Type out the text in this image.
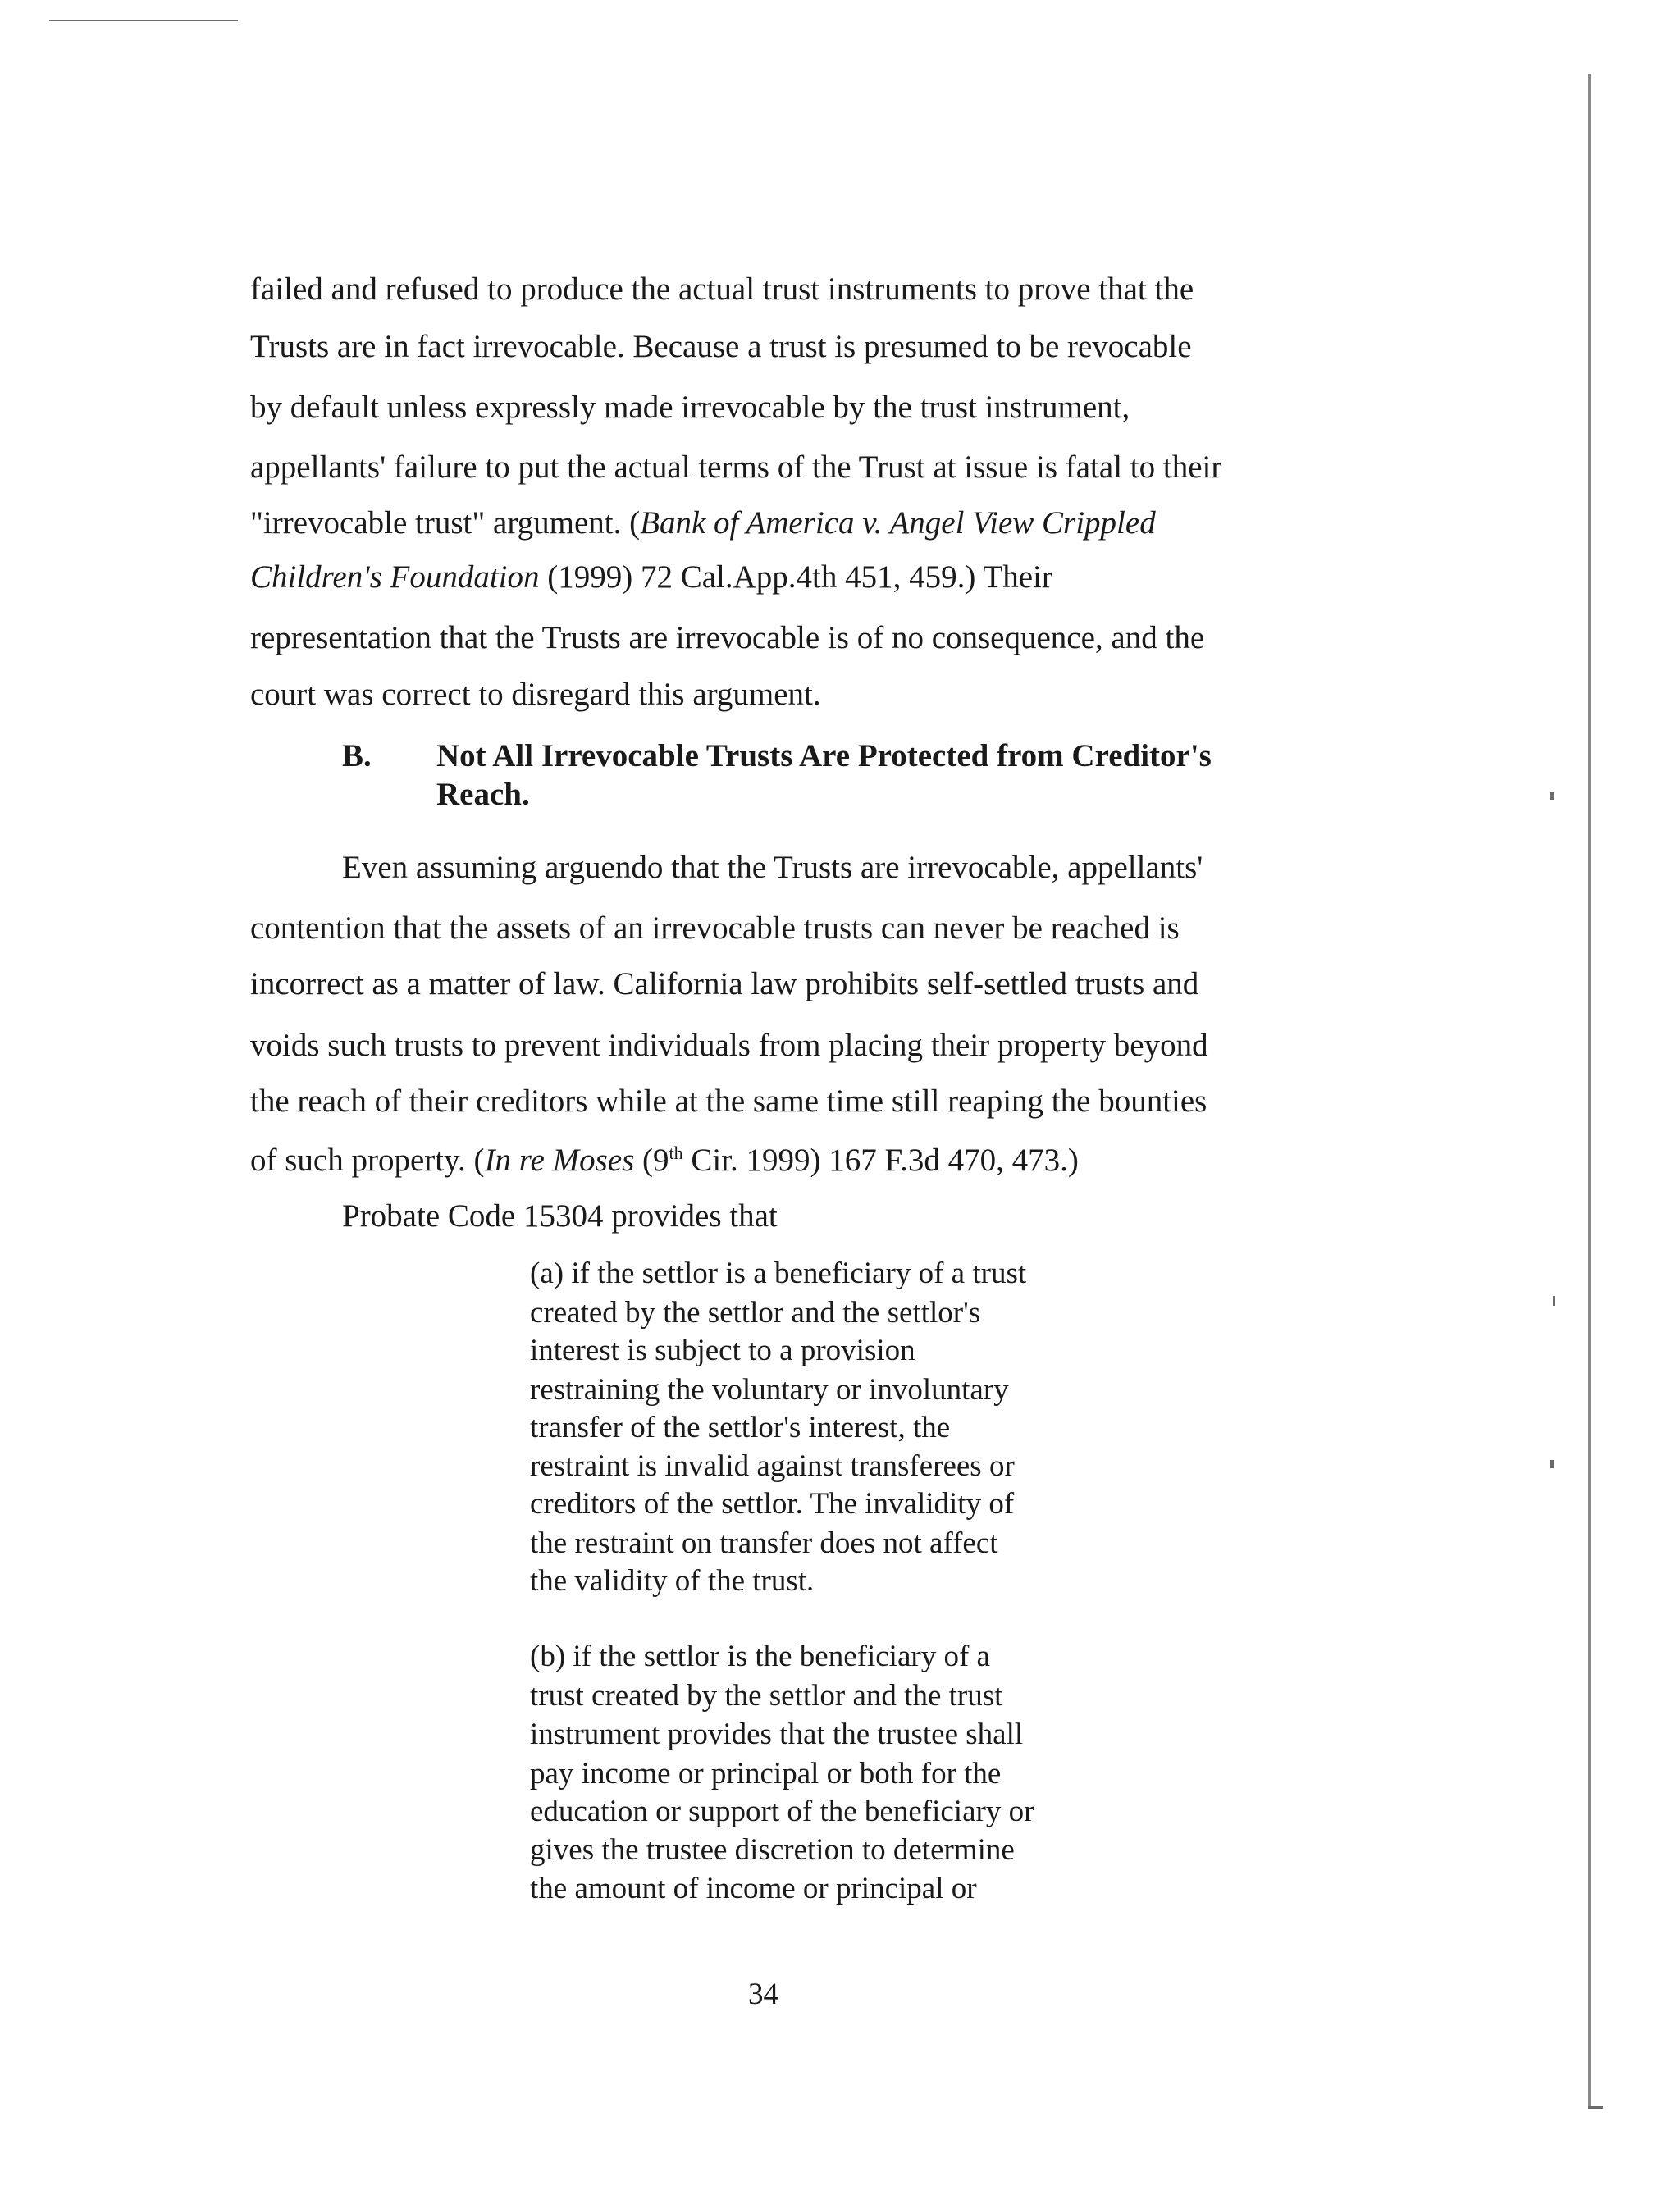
failed and refused to produce the actual trust instruments to prove that the
Trusts are in fact irrevocable. Because a trust is presumed to be revocable
by default unless expressly made irrevocable by the trust instrument,
appellants' failure to put the actual terms of the Trust at issue is fatal to their
"irrevocable trust" argument. (Bank of America v. Angel View Crippled
Children's Foundation (1999) 72 Cal.App.4th 451, 459.) Their
representation that the Trusts are irrevocable is of no consequence, and the
court was correct to disregard this argument.
B. Not All Irrevocable Trusts Are Protected from Creditor's
Reach.
Even assuming arguendo that the Trusts are irrevocable, appellants'
contention that the assets of an irrevocable trusts can never be reached is
incorrect as a matter of law. California law prohibits self-settled trusts and
voids such trusts to prevent individuals from placing their property beyond
the reach of their creditors while at the same time still reaping the bounties
of such property. (In re Moses (9th Cir. 1999) 167 F.3d 470, 473.)
Probate Code 15304 provides that
(a) if the settlor is a beneficiary of a trust
created by the settlor and the settlor's
interest is subject to a provision
restraining the voluntary or involuntary
transfer of the settlor's interest, the
restraint is invalid against transferees or
creditors of the settlor. The invalidity of
the restraint on transfer does not affect
the validity of the trust.
(b) if the settlor is the beneficiary of a
trust created by the settlor and the trust
instrument provides that the trustee shall
pay income or principal or both for the
education or support of the beneficiary or
gives the trustee discretion to determine
the amount of income or principal or
34
